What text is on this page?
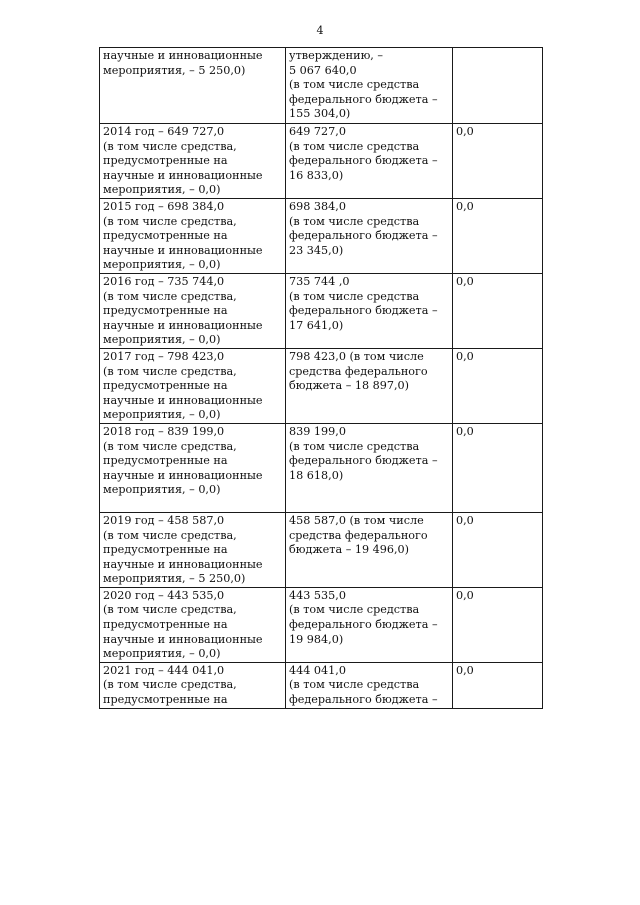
4
научные и инновационные
мероприятия, – 5 250,0)	утверждению, –
5 067 640,0
(в том числе средства
федерального бюджета –
155 304,0)	
2014 год – 649 727,0
(в том числе средства,
предусмотренные на
научные и инновационные
мероприятия, – 0,0)	649 727,0
(в том числе средства
федерального бюджета –
16 833,0)	0,0
2015 год – 698 384,0
(в том числе средства,
предусмотренные на
научные и инновационные
мероприятия, – 0,0)	698 384,0
(в том числе средства
федерального бюджета –
23 345,0)	0,0
2016 год – 735 744,0
(в том числе средства,
предусмотренные на
научные и инновационные
мероприятия, – 0,0)	735 744 ,0
(в том числе средства
федерального бюджета –
17 641,0)	0,0
2017 год – 798 423,0
(в том числе средства,
предусмотренные на
научные и инновационные
мероприятия, – 0,0)	798 423,0 (в том числе
средства федерального
бюджета – 18 897,0)	0,0
2018 год – 839 199,0
(в том числе средства,
предусмотренные на
научные и инновационные
мероприятия, – 0,0)	839 199,0
(в том числе средства
федерального бюджета –
18 618,0)	0,0
2019 год – 458 587,0
(в том числе средства,
предусмотренные на
научные и инновационные
мероприятия, – 5 250,0)	458 587,0 (в том числе
средства федерального
бюджета – 19 496,0)	0,0
2020 год – 443 535,0
(в том числе средства,
предусмотренные на
научные и инновационные
мероприятия, – 0,0)	443 535,0
(в том числе средства
федерального бюджета –
19 984,0)	0,0
2021 год – 444 041,0
(в том числе средства,
предусмотренные на	444 041,0
(в том числе средства
федерального бюджета –	0,0
